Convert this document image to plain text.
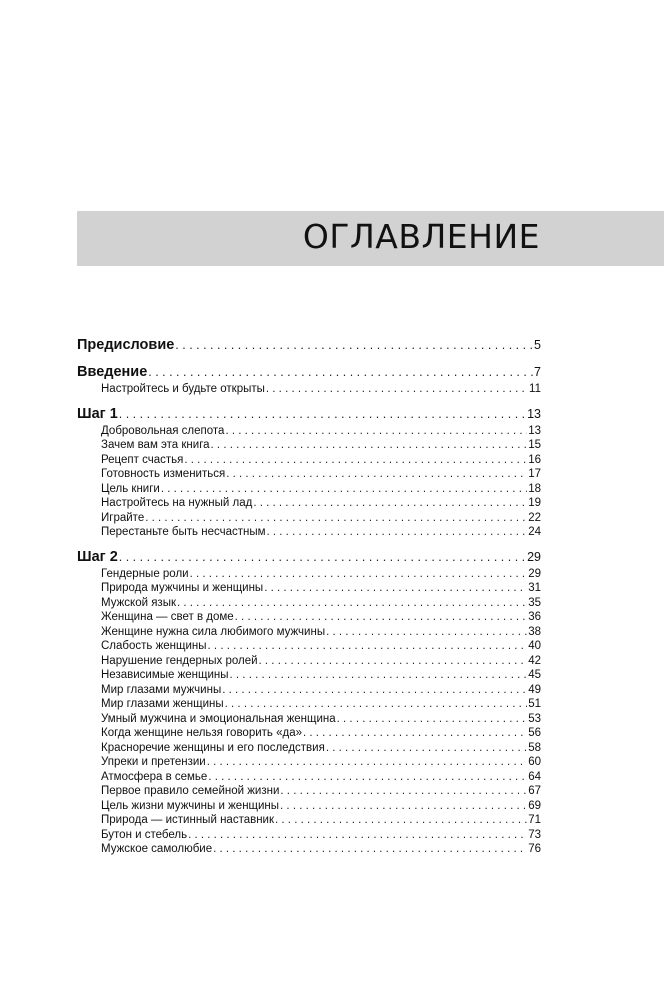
ОГЛАВЛЕНИЕ
Предисловие . . .	5
Введение . . .	7
Настройтесь и будьте открыты . . .	11
Шаг 1 . . .	13
Добровольная слепота . . .	13
Зачем вам эта книга . . .	15
Рецепт счастья . . .	16
Готовность измениться . . .	17
Цель книги . . .	18
Настройтесь на нужный лад . . .	19
Играйте . . .	22
Перестаньте быть несчастным . . .	24
Шаг 2 . . .	29
Гендерные роли . . .	29
Природа мужчины и женщины . . .	31
Мужской язык . . .	35
Женщина — свет в доме . . .	36
Женщине нужна сила любимого мужчины . . .	38
Слабость женщины . . .	40
Нарушение гендерных ролей . . .	42
Независимые женщины . . .	45
Мир глазами мужчины . . .	49
Мир глазами женщины . . .	51
Умный мужчина и эмоциональная женщина . . .	53
Когда женщине нельзя говорить «да» . . .	56
Красноречие женщины и его последствия . . .	58
Упреки и претензии . . .	60
Атмосфера в семье . . .	64
Первое правило семейной жизни . . .	67
Цель жизни мужчины и женщины . . .	69
Природа — истинный наставник . . .	71
Бутон и стебель . . .	73
Мужское самолюбие . . .	76
